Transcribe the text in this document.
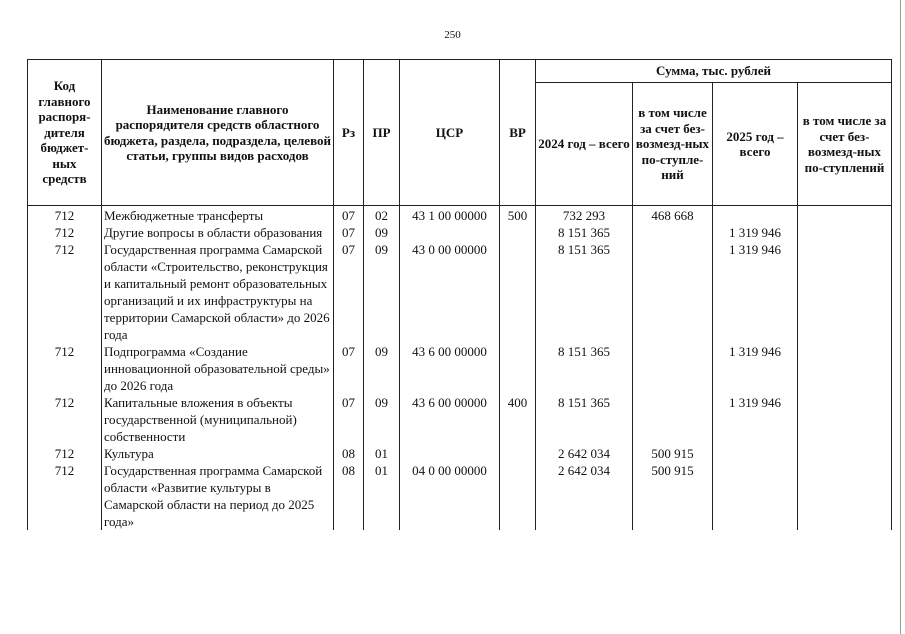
250
Код главного распоря-дителя бюджет-ных средств	Наименование главного распорядителя средств областного бюджета, раздела, подраздела, целевой статьи, группы видов расходов	Рз	ПР	ЦСР	ВР	Сумма, тыс. рублей			
						2024 год – всего	в том числе за счет без-возмезд-ных по-ступле-ний	2025 год – всего	в том числе за счет без-возмезд-ных по-ступлений
712	Межбюджетные трансферты	07	02	43 1 00 00000	500	732 293	468 668		
712	Другие вопросы в области образования	07	09			8 151 365		1 319 946	
712	Государственная программа Самарской области «Строительство, реконструкция и капитальный ремонт образовательных организаций и их инфраструктуры на территории Самарской области» до 2026 года	07	09	43 0 00 00000		8 151 365		1 319 946	
712	Подпрограмма «Создание инновационной образовательной среды» до 2026 года	07	09	43 6 00 00000		8 151 365		1 319 946	
712	Капитальные вложения в объекты государственной (муниципальной) собственности	07	09	43 6 00 00000	400	8 151 365		1 319 946	
712	Культура	08	01			2 642 034	500 915		
712	Государственная программа Самарской области «Развитие культуры в Самарской области на период до 2025 года»	08	01	04 0 00 00000		2 642 034	500 915		
